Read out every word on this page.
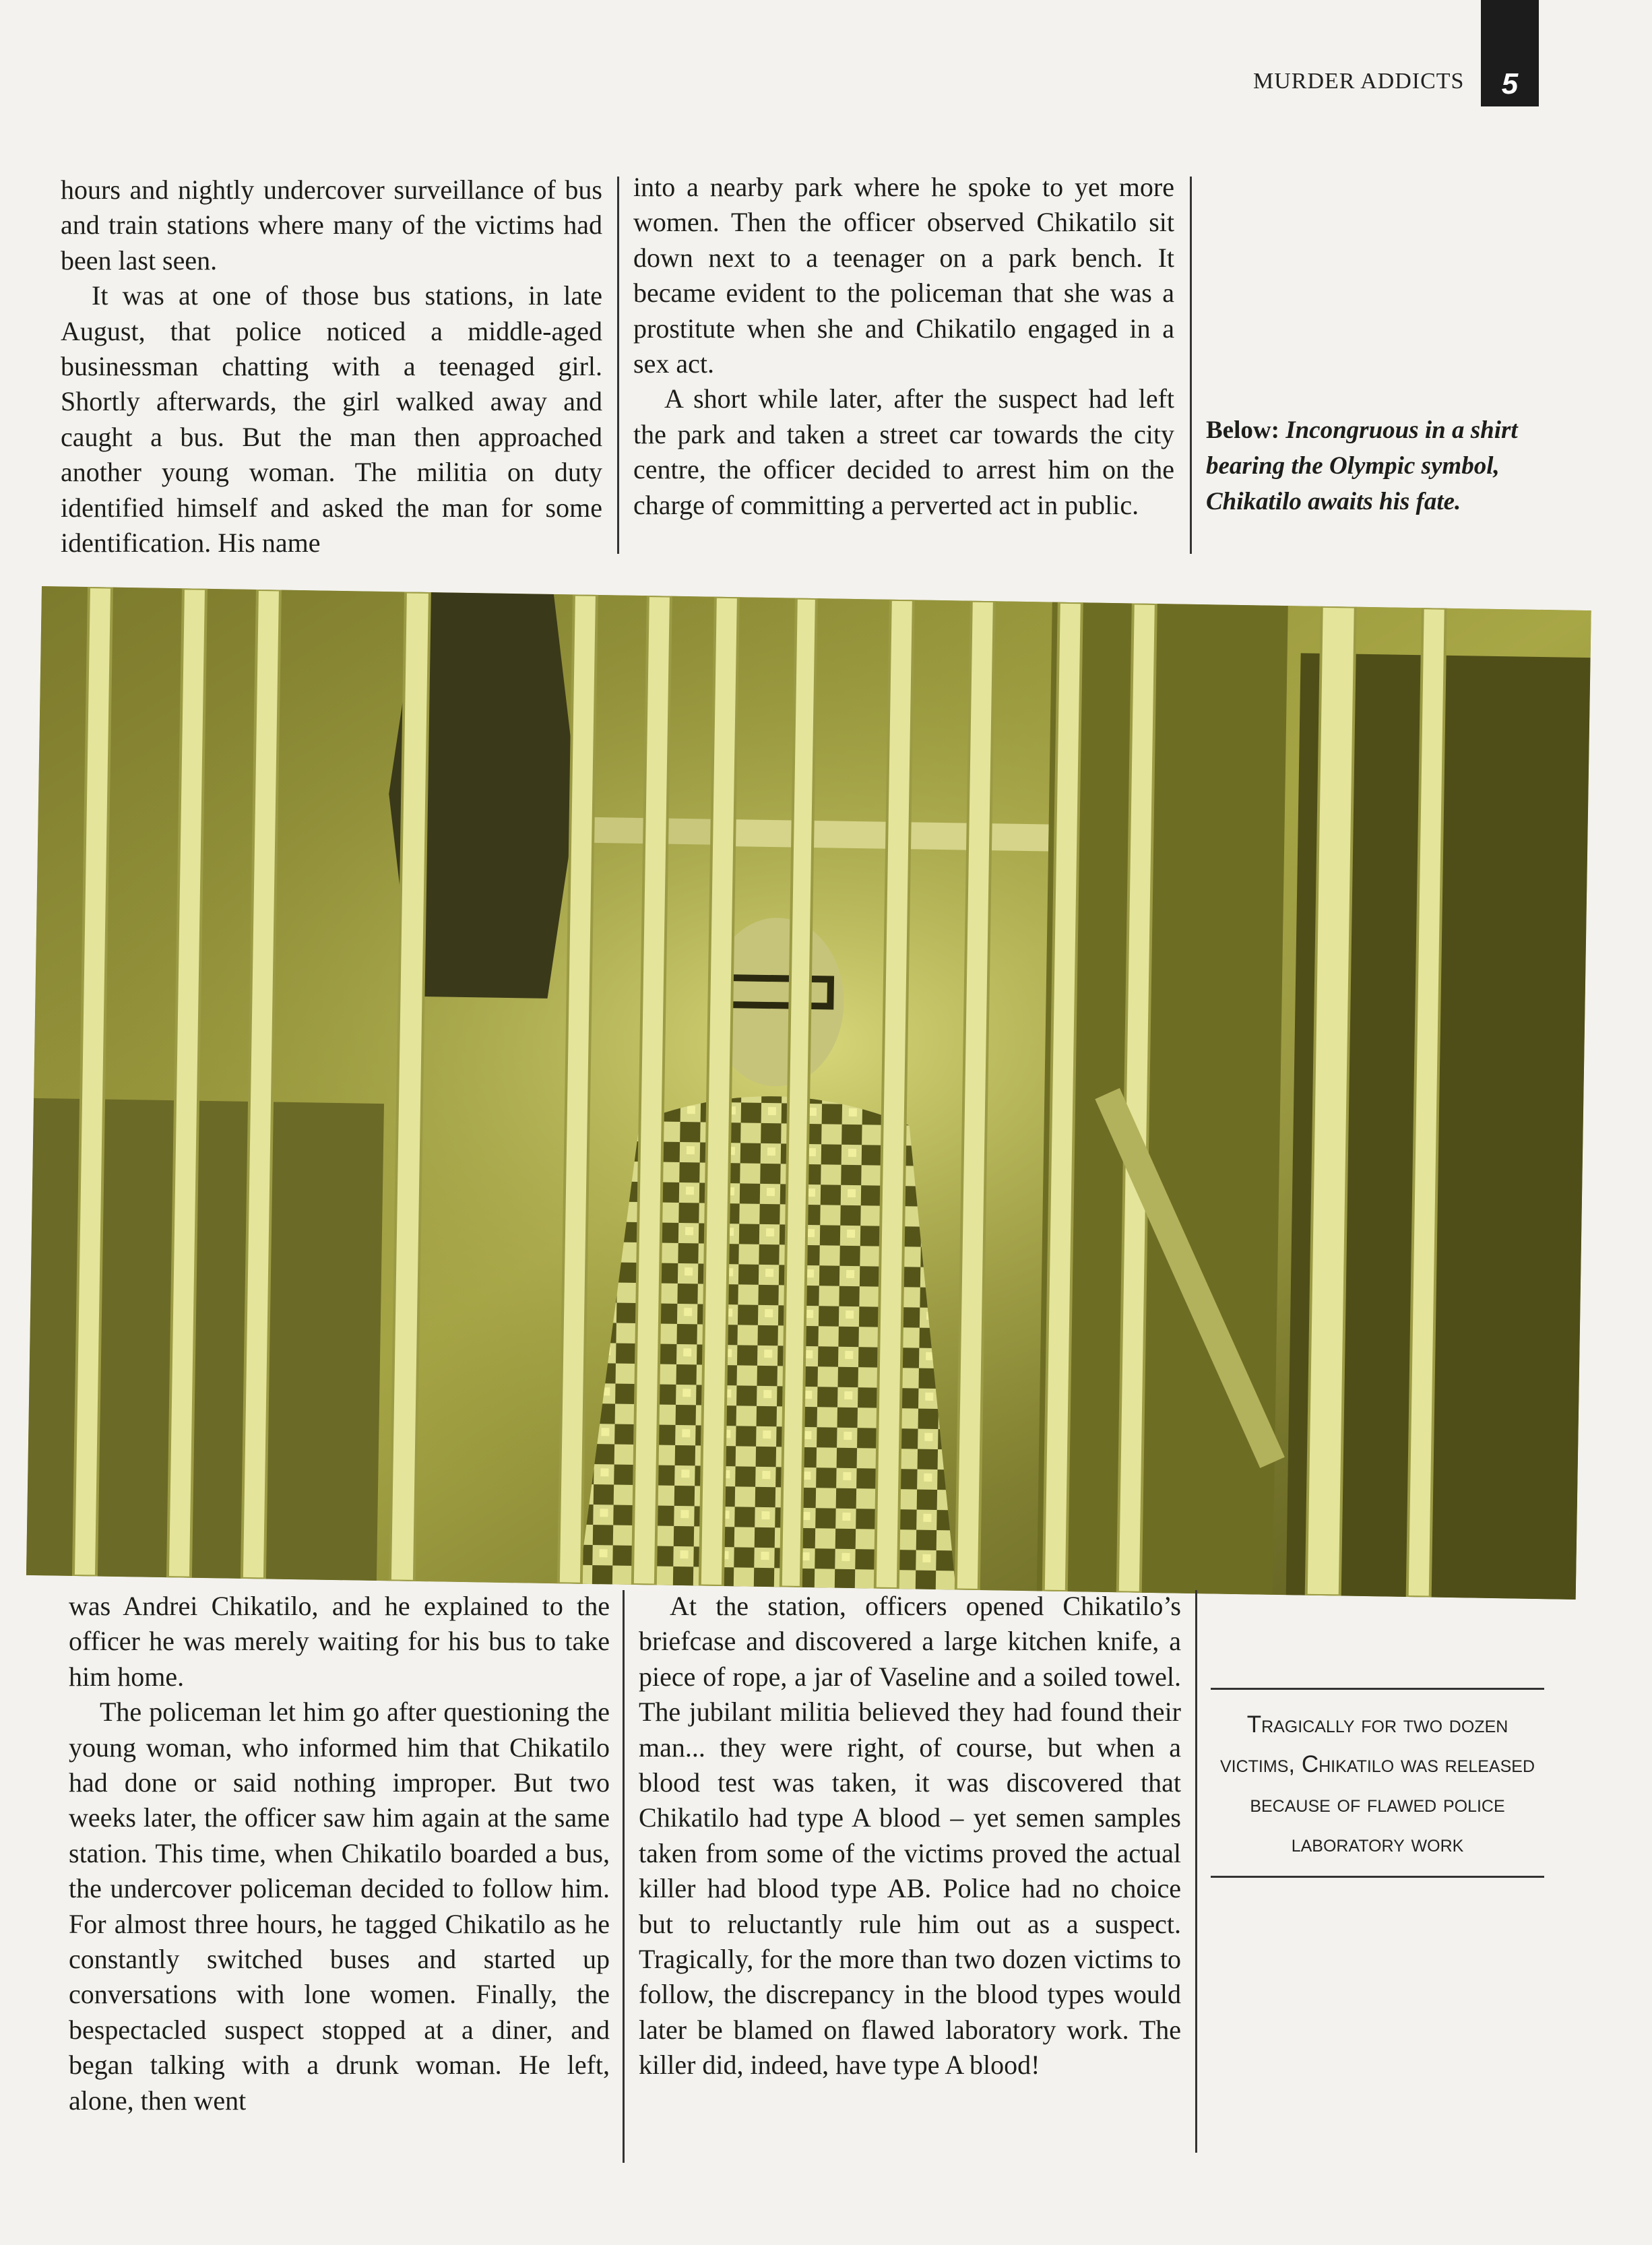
MURDER ADDICTS	5

hours and nightly undercover surveillance of bus and train stations where many of the victims had been last seen.

It was at one of those bus stations, in late August, that police noticed a middle-aged businessman chatting with a teenaged girl. Shortly afterwards, the girl walked away and caught a bus. But the man then approached another young woman. The militia on duty identified himself and asked the man for some identification. His name

into a nearby park where he spoke to yet more women. Then the officer observed Chikatilo sit down next to a teenager on a park bench. It became evident to the policeman that she was a prostitute when she and Chikatilo engaged in a sex act.

A short while later, after the suspect had left the park and taken a street car towards the city centre, the officer decided to arrest him on the charge of committing a perverted act in public.

Below: Incongruous in a shirt bearing the Olympic symbol, Chikatilo awaits his fate.

was Andrei Chikatilo, and he explained to the officer he was merely waiting for his bus to take him home.

The policeman let him go after questioning the young woman, who informed him that Chikatilo had done or said nothing improper. But two weeks later, the officer saw him again at the same station. This time, when Chikatilo boarded a bus, the undercover policeman decided to follow him. For almost three hours, he tagged Chikatilo as he constantly switched buses and started up conversations with lone women. Finally, the bespectacled suspect stopped at a diner, and began talking with a drunk woman. He left, alone, then went

At the station, officers opened Chikatilo’s briefcase and discovered a large kitchen knife, a piece of rope, a jar of Vaseline and a soiled towel. The jubilant militia believed they had found their man... they were right, of course, but when a blood test was taken, it was discovered that Chikatilo had type A blood – yet semen samples taken from some of the victims proved the actual killer had blood type AB. Police had no choice but to reluctantly rule him out as a suspect. Tragically, for the more than two dozen victims to follow, the discrepancy in the blood types would later be blamed on flawed laboratory work. The killer did, indeed, have type A blood!

Tragically for two dozen victims, Chikatilo was released because of flawed police laboratory work
